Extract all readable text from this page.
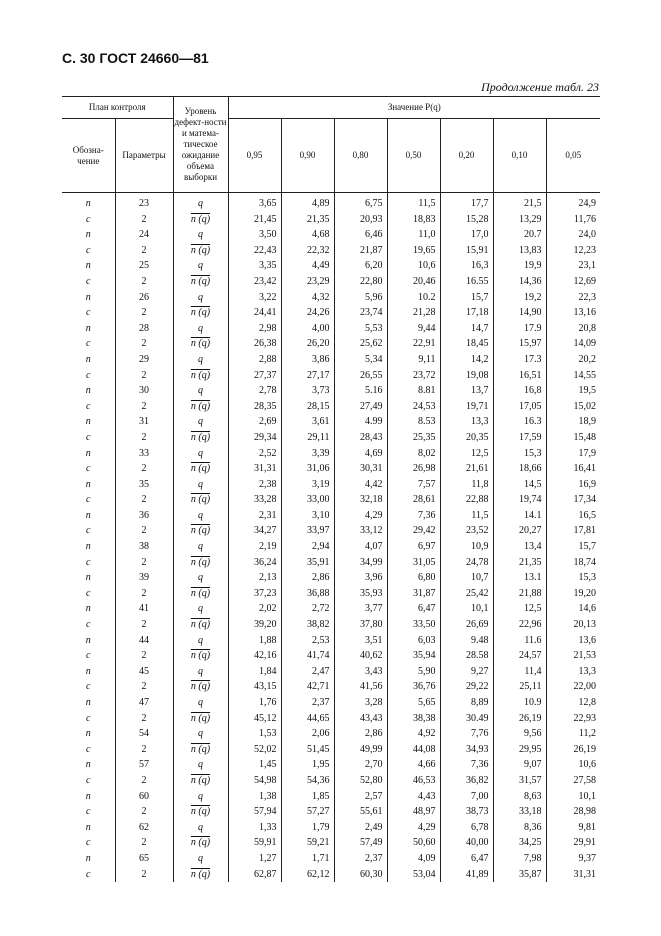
С. 30 ГОСТ 24660—81
Продолжение табл. 23
План контроля		Уровень дефект-ности и матема-тическое ожидание объема выборки	Значение P(q)						
Обозна-чение	Параметры		0,95	0,90	0,80	0,50	0,20	0,10	0,05
n	23	q	3,65	4,89	6,75	11,5	17,7	21,5	24,9
c	2	n (q)	21,45	21,35	20,93	18,83	15,28	13,29	11,76
n	24	q	3,50	4,68	6,46	11,0	17,0	20.7	24,0
c	2	n (q)	22,43	22,32	21,87	19,65	15,91	13,83	12,23
n	25	q	3,35	4,49	6,20	10,6	16,3	19,9	23,1
c	2	n (q)	23,42	23,29	22,80	20,46	16.55	14,36	12,69
n	26	q	3,22	4,32	5,96	10.2	15,7	19,2	22,3
c	2	n (q)	24,41	24,26	23,74	21,28	17,18	14,90	13,16
n	28	q	2,98	4,00	5,53	9,44	14,7	17.9	20,8
c	2	n (q)	26,38	26,20	25,62	22,91	18,45	15,97	14,09
n	29	q	2,88	3,86	5,34	9,11	14,2	17.3	20,2
c	2	n (q)	27,37	27,17	26,55	23,72	19,08	16,51	14,55
n	30	q	2,78	3,73	5.16	8.81	13,7	16,8	19,5
c	2	n (q)	28,35	28,15	27,49	24,53	19,71	17,05	15,02
n	31	q	2,69	3,61	4.99	8.53	13,3	16.3	18,9
c	2	n (q)	29,34	29,11	28,43	25,35	20,35	17,59	15,48
n	33	q	2,52	3,39	4,69	8,02	12,5	15,3	17,9
c	2	n (q)	31,31	31,06	30,31	26,98	21,61	18,66	16,41
n	35	q	2,38	3,19	4,42	7,57	11,8	14,5	16,9
c	2	n (q)	33,28	33,00	32,18	28,61	22,88	19,74	17,34
n	36	q	2,31	3,10	4,29	7,36	11,5	14.1	16,5
c	2	n (q)	34,27	33,97	33,12	29,42	23,52	20,27	17,81
n	38	q	2,19	2,94	4,07	6,97	10,9	13,4	15,7
c	2	n (q)	36,24	35,91	34,99	31,05	24,78	21,35	18,74
n	39	q	2,13	2,86	3,96	6,80	10,7	13.1	15,3
c	2	n (q)	37,23	36,88	35,93	31,87	25,42	21,88	19,20
n	41	q	2,02	2,72	3,77	6,47	10,1	12,5	14,6
c	2	n (q)	39,20	38,82	37,80	33,50	26,69	22,96	20,13
n	44	q	1,88	2,53	3,51	6,03	9.48	11.6	13,6
c	2	n (q)	42,16	41,74	40,62	35,94	28.58	24,57	21,53
n	45	q	1,84	2,47	3,43	5,90	9,27	11,4	13,3
c	2	n (q)	43,15	42,71	41,56	36,76	29,22	25,11	22,00
n	47	q	1,76	2,37	3,28	5,65	8,89	10.9	12,8
c	2	n (q)	45,12	44,65	43,43	38,38	30.49	26,19	22,93
n	54	q	1,53	2,06	2,86	4,92	7,76	9,56	11,2
c	2	n (q)	52,02	51,45	49,99	44,08	34,93	29,95	26,19
n	57	q	1,45	1,95	2,70	4,66	7,36	9,07	10,6
c	2	n (q)	54,98	54,36	52,80	46,53	36,82	31,57	27,58
n	60	q	1,38	1,85	2,57	4,43	7,00	8,63	10,1
c	2	n (q)	57,94	57,27	55,61	48,97	38,73	33,18	28,98
n	62	q	1,33	1,79	2,49	4,29	6,78	8,36	9,81
c	2	n (q)	59,91	59,21	57,49	50,60	40,00	34,25	29,91
n	65	q	1,27	1,71	2,37	4,09	6,47	7,98	9,37
c	2	n (q)	62,87	62,12	60,30	53,04	41,89	35,87	31,31
